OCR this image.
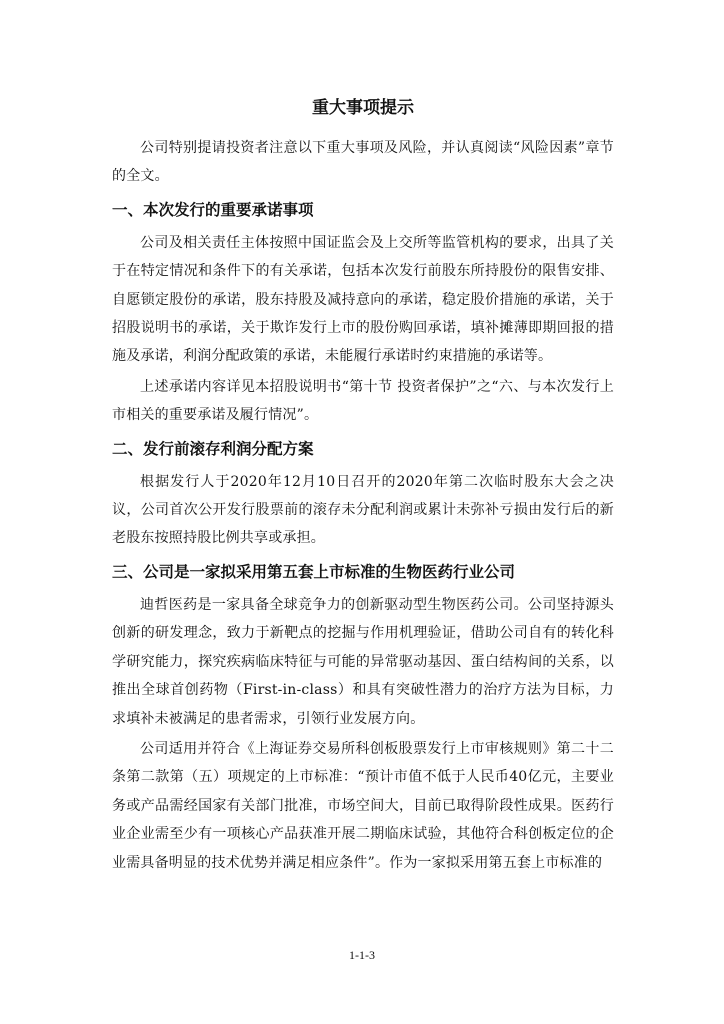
重大事项提示

公司特别提请投资者注意以下重大事项及风险，并认真阅读“风险因素”章节的全文。

一、本次发行的重要承诺事项

公司及相关责任主体按照中国证监会及上交所等监管机构的要求，出具了关于在特定情况和条件下的有关承诺，包括本次发行前股东所持股份的限售安排、自愿锁定股份的承诺，股东持股及减持意向的承诺，稳定股价措施的承诺，关于招股说明书的承诺，关于欺诈发行上市的股份购回承诺，填补摊薄即期回报的措施及承诺，利润分配政策的承诺，未能履行承诺时约束措施的承诺等。

上述承诺内容详见本招股说明书“第十节 投资者保护”之“六、与本次发行上市相关的重要承诺及履行情况”。

二、发行前滚存利润分配方案

根据发行人于2020年12月10日召开的2020年第二次临时股东大会之决议，公司首次公开发行股票前的滚存未分配利润或累计未弥补亏损由发行后的新老股东按照持股比例共享或承担。

三、公司是一家拟采用第五套上市标准的生物医药行业公司

迪哲医药是一家具备全球竞争力的创新驱动型生物医药公司。公司坚持源头创新的研发理念，致力于新靶点的挖掘与作用机理验证，借助公司自有的转化科学研究能力，探究疾病临床特征与可能的异常驱动基因、蛋白结构间的关系，以推出全球首创药物（First-in-class）和具有突破性潜力的治疗方法为目标，力求填补未被满足的患者需求，引领行业发展方向。

公司适用并符合《上海证券交易所科创板股票发行上市审核规则》第二十二条第二款第（五）项规定的上市标准：“预计市值不低于人民币40亿元，主要业务或产品需经国家有关部门批准，市场空间大，目前已取得阶段性成果。医药行业企业需至少有一项核心产品获准开展二期临床试验，其他符合科创板定位的企业需具备明显的技术优势并满足相应条件”。作为一家拟采用第五套上市标准的

1-1-3
